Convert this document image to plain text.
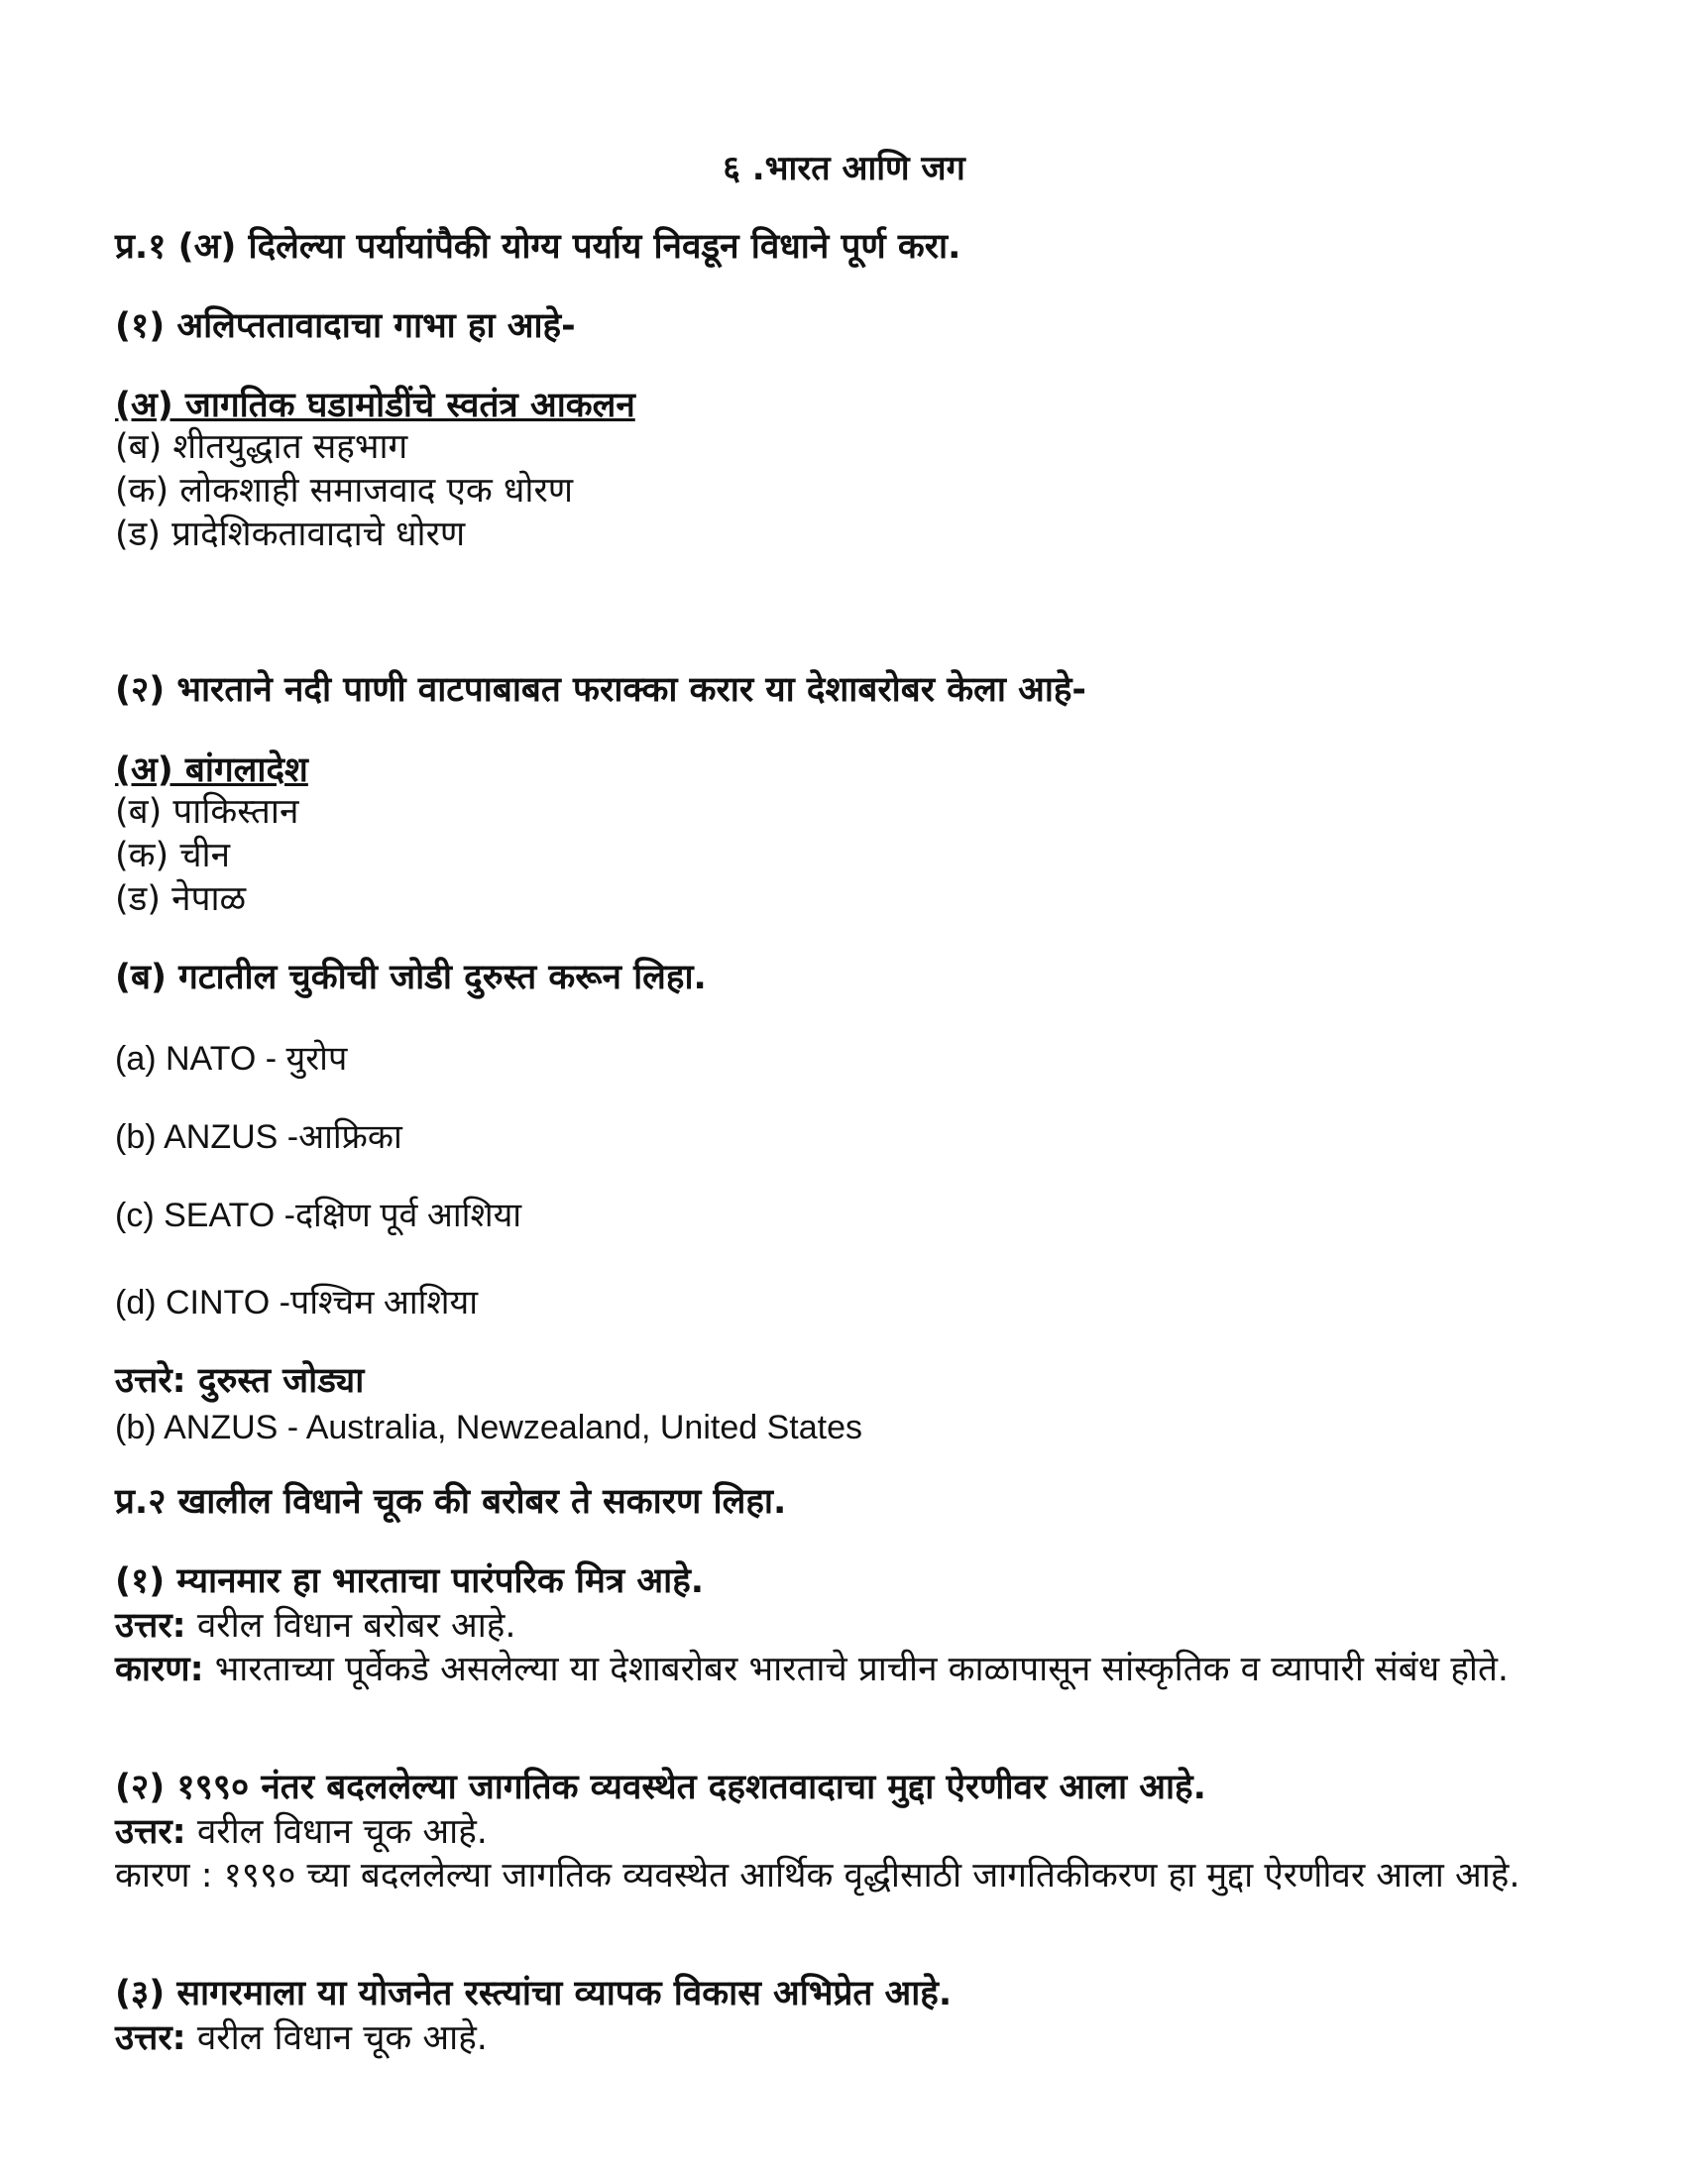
६ .भारत आणि जग
प्र.१ (अ) दिलेल्या पर्यायांपैकी योग्य पर्याय निवडून विधाने पूर्ण करा.
(१) अलिप्ततावादाचा गाभा हा आहे-
(अ) जागतिक घडामोडींचे स्वतंत्र आकलन
(ब) शीतयुद्धात सहभाग
(क) लोकशाही समाजवाद एक धोरण
(ड) प्रादेशिकतावादाचे धोरण
(२) भारताने नदी पाणी वाटपाबाबत फराक्का करार या देशाबरोबर केला आहे-
(अ) बांगलादेश
(ब) पाकिस्तान
(क) चीन
(ड) नेपाळ
(ब) गटातील चुकीची जोडी दुरुस्त करून लिहा.
(a) NATO - युरोप
(b) ANZUS -आफ्रिका
(c) SEATO -दक्षिण पूर्व आशिया
(d) CINTO -पश्चिम आशिया
उत्तरे: दुरुस्त जोड्या
(b) ANZUS - Australia, Newzealand, United States
प्र.२ खालील विधाने चूक की बरोबर ते सकारण लिहा.
(१) म्यानमार हा भारताचा पारंपरिक मित्र आहे.
उत्तर: वरील विधान बरोबर आहे.
कारण: भारताच्या पूर्वेकडे असलेल्या या देशाबरोबर भारताचे प्राचीन काळापासून सांस्कृतिक व व्यापारी संबंध होते.
(२) १९९० नंतर बदललेल्या जागतिक व्यवस्थेत दहशतवादाचा मुद्दा ऐरणीवर आला आहे.
उत्तर: वरील विधान चूक आहे.
कारण : १९९० च्या बदललेल्या जागतिक व्यवस्थेत आर्थिक वृद्धीसाठी जागतिकीकरण हा मुद्दा ऐरणीवर आला आहे.
(३) सागरमाला या योजनेत रस्त्यांचा व्यापक विकास अभिप्रेत आहे.
उत्तर: वरील विधान चूक आहे.
